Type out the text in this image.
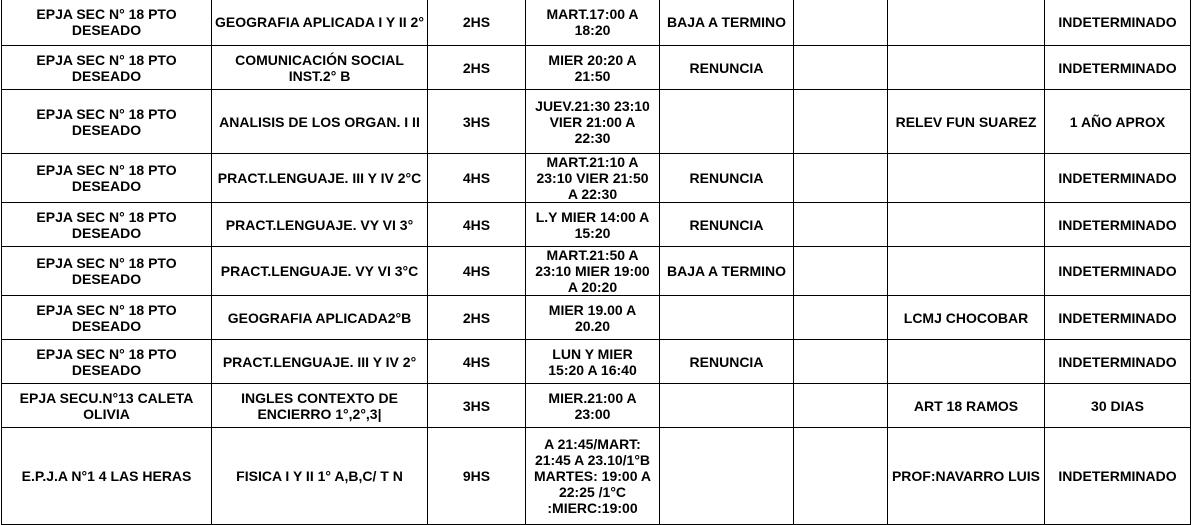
EPJA SEC N° 18 PTO DESEADO	GEOGRAFIA APLICADA I Y II 2°	2HS	MART.17:00 A
18:20	BAJA A TERMINO			INDETERMINADO
EPJA SEC N° 18 PTO DESEADO	COMUNICACIÓN SOCIAL INST.2° B	2HS	MIER 20:20 A
21:50	RENUNCIA			INDETERMINADO
EPJA SEC N° 18 PTO DESEADO	ANALISIS DE LOS ORGAN. I II	3HS	JUEV.21:30 23:10
VIER 21:00 A
22:30			RELEV FUN SUAREZ	1 AÑO APROX
EPJA SEC N° 18 PTO DESEADO	PRACT.LENGUAJE. III Y IV 2°C	4HS	MART.21:10 A
23:10 VIER 21:50
A 22:30	RENUNCIA			INDETERMINADO
EPJA SEC N° 18 PTO DESEADO	PRACT.LENGUAJE. VY VI 3°	4HS	L.Y MIER 14:00 A
15:20	RENUNCIA			INDETERMINADO
EPJA SEC N° 18 PTO DESEADO	PRACT.LENGUAJE. VY VI 3°C	4HS	MART.21:50 A
23:10 MIER 19:00
A 20:20	BAJA A TERMINO			INDETERMINADO
EPJA SEC N° 18 PTO DESEADO	GEOGRAFIA APLICADA2°B	2HS	MIER 19.00 A
20.20			LCMJ CHOCOBAR	INDETERMINADO
EPJA SEC N° 18 PTO DESEADO	PRACT.LENGUAJE. III Y IV 2°	4HS	LUN Y MIER
15:20 A 16:40	RENUNCIA			INDETERMINADO
EPJA SECU.N°13 CALETA OLIVIA	INGLES CONTEXTO DE ENCIERRO 1°,2°,3|	3HS	MIER.21:00 A
23:00			ART 18 RAMOS	30 DIAS
E.P.J.A N°1 4 LAS HERAS	FISICA I Y II 1° A,B,C/ T N	9HS	A 21:45/MART:
21:45 A 23.10/1°B
MARTES: 19:00 A
22:25 /1°C
:MIERC:19:00			PROF:NAVARRO LUIS	INDETERMINADO
